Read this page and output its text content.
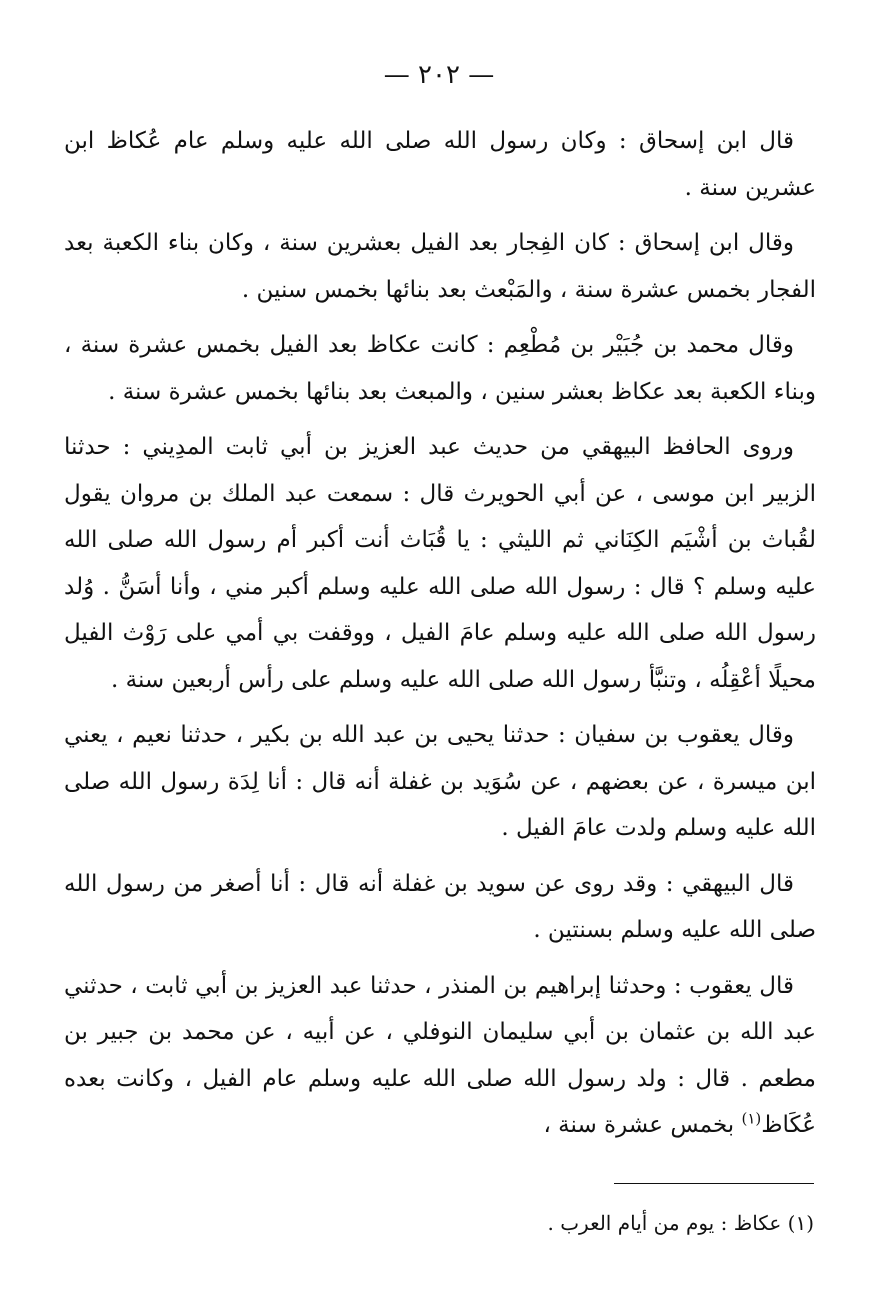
— ٢٠٢ —

قال ابن إسحاق : وكان رسول الله صلى الله عليه وسلم عام عُكاظ ابن عشرين سنة .

وقال ابن إسحاق : كان الفِجار بعد الفيل بعشرين سنة ، وكان بناء الكعبة بعد الفجار بخمس عشرة سنة ، والمَبْعث بعد بنائها بخمس سنين .

وقال محمد بن جُبَيْر بن مُطْعِم : كانت عكاظ بعد الفيل بخمس عشرة سنة ، وبناء الكعبة بعد عكاظ بعشر سنين ، والمبعث بعد بنائها بخمس عشرة سنة .

وروى الحافظ البيهقي من حديث عبد العزيز بن أبي ثابت المدِيني : حدثنا الزبير ابن موسى ، عن أبي الحويرث قال : سمعت عبد الملك بن مروان يقول لقُباث بن أشْيَم الكِنَاني ثم الليثي : يا قُبَاث أنت أكبر أم رسول الله صلى الله عليه وسلم ؟ قال : رسول الله صلى الله عليه وسلم أكبر مني ، وأنا أسَنُّ . وُلد رسول الله صلى الله عليه وسلم عامَ الفيل ، ووقفت بي أمي على رَوْث الفيل محيلًا أعْقِلُه ، وتنبَّأ رسول الله صلى الله عليه وسلم على رأس أربعين سنة .

وقال يعقوب بن سفيان : حدثنا يحيى بن عبد الله بن بكير ، حدثنا نعيم ، يعني ابن ميسرة ، عن بعضهم ، عن سُوَيد بن غفلة أنه قال : أنا لِدَة رسول الله صلى الله عليه وسلم ولدت عامَ الفيل .

قال البيهقي : وقد روى عن سويد بن غفلة أنه قال : أنا أصغر من رسول الله صلى الله عليه وسلم بسنتين .

قال يعقوب : وحدثنا إبراهيم بن المنذر ، حدثنا عبد العزيز بن أبي ثابت ، حدثني عبد الله بن عثمان بن أبي سليمان النوفلي ، عن أبيه ، عن محمد بن جبير بن مطعم . قال : ولد رسول الله صلى الله عليه وسلم عام الفيل ، وكانت بعده عُكَاظ$^{(١)}$ بخمس عشرة سنة ،

(١) عكاظ : يوم من أيام العرب .
